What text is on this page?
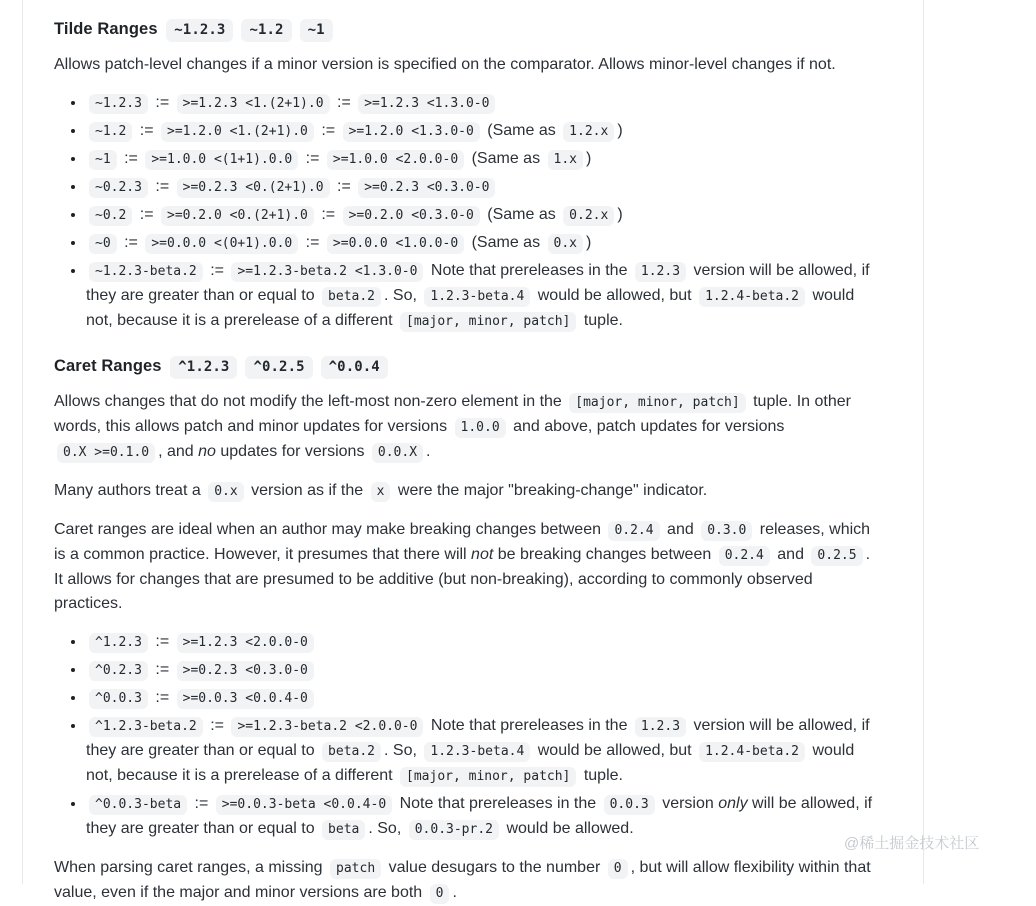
Tilde Ranges ~1.2.3 ~1.2 ~1

Allows patch-level changes if a minor version is specified on the comparator. Allows minor-level changes if not.

• ~1.2.3 := >=1.2.3 <1.(2+1).0 := >=1.2.3 <1.3.0-0
• ~1.2 := >=1.2.0 <1.(2+1).0 := >=1.2.0 <1.3.0-0 (Same as 1.2.x )
• ~1 := >=1.0.0 <(1+1).0.0 := >=1.0.0 <2.0.0-0 (Same as 1.x )
• ~0.2.3 := >=0.2.3 <0.(2+1).0 := >=0.2.3 <0.3.0-0
• ~0.2 := >=0.2.0 <0.(2+1).0 := >=0.2.0 <0.3.0-0 (Same as 0.2.x )
• ~0 := >=0.0.0 <(0+1).0.0 := >=0.0.0 <1.0.0-0 (Same as 0.x )
• ~1.2.3-beta.2 := >=1.2.3-beta.2 <1.3.0-0 Note that prereleases in the 1.2.3 version will be allowed, if they are greater than or equal to beta.2 . So, 1.2.3-beta.4 would be allowed, but 1.2.4-beta.2 would not, because it is a prerelease of a different [major, minor, patch] tuple.
Caret Ranges ^1.2.3 ^0.2.5 ^0.0.4

Allows changes that do not modify the left-most non-zero element in the [major, minor, patch] tuple. In other words, this allows patch and minor updates for versions 1.0.0 and above, patch updates for versions 0.X >=0.1.0 , and no updates for versions 0.0.X .

Many authors treat a 0.x version as if the x were the major "breaking-change" indicator.

Caret ranges are ideal when an author may make breaking changes between 0.2.4 and 0.3.0 releases, which is a common practice. However, it presumes that there will not be breaking changes between 0.2.4 and 0.2.5 . It allows for changes that are presumed to be additive (but non-breaking), according to commonly observed practices.

• ^1.2.3 := >=1.2.3 <2.0.0-0
• ^0.2.3 := >=0.2.3 <0.3.0-0
• ^0.0.3 := >=0.0.3 <0.0.4-0
• ^1.2.3-beta.2 := >=1.2.3-beta.2 <2.0.0-0 Note that prereleases in the 1.2.3 version will be allowed, if they are greater than or equal to beta.2 . So, 1.2.3-beta.4 would be allowed, but 1.2.4-beta.2 would not, because it is a prerelease of a different [major, minor, patch] tuple.
• ^0.0.3-beta := >=0.0.3-beta <0.0.4-0 Note that prereleases in the 0.0.3 version only will be allowed, if they are greater than or equal to beta . So, 0.0.3-pr.2 would be allowed.

When parsing caret ranges, a missing patch value desugars to the number 0 , but will allow flexibility within that value, even if the major and minor versions are both 0 .

@稀土掘金技术社区
